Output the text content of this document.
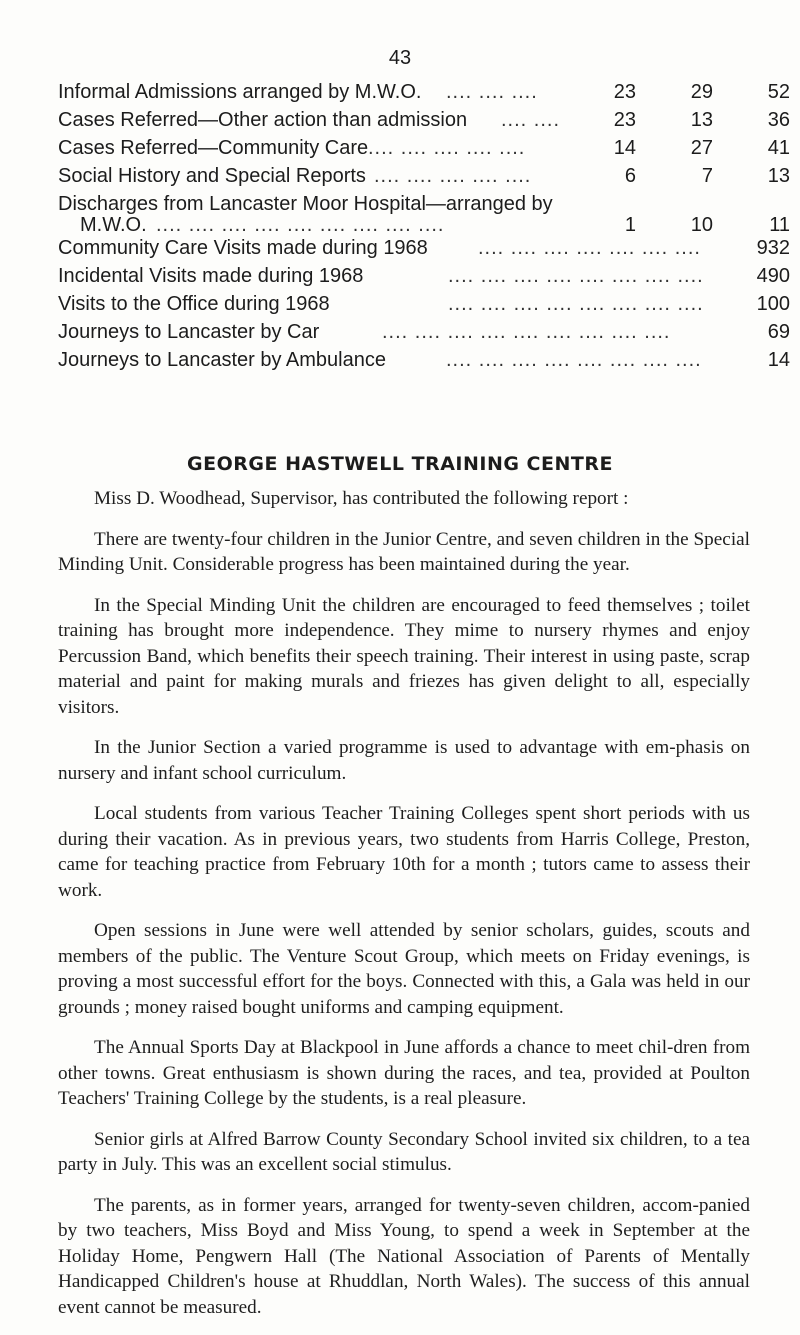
43
Informal Admissions arranged by M.W.O. .... .... ....	23	29	52
Cases Referred—Other action than admission .... ....	23	13	36
Cases Referred—Community Care .... .... .... .... ....	14	27	41
Social History and Special Reports .... .... .... .... ....	6	7	13
Discharges from Lancaster Moor Hospital—arranged by
M.W.O. .... .... .... .... .... .... .... .... ....	1	10	11
Community Care Visits made during 1968	.... .... .... .... .... .... ....	932
Incidental Visits made during 1968	.... .... .... .... .... .... .... ....	490
Visits to the Office during 1968	.... .... .... .... .... .... .... ....	100
Journeys to Lancaster by Car	.... .... .... .... .... .... .... .... ....	69
Journeys to Lancaster by Ambulance	.... .... .... .... .... .... .... ....	14
GEORGE HASTWELL TRAINING CENTRE

Miss D. Woodhead, Supervisor, has contributed the following report :

There are twenty-four children in the Junior Centre, and seven children in the Special Minding Unit. Considerable progress has been maintained during the year.

In the Special Minding Unit the children are encouraged to feed themselves ; toilet training has brought more independence. They mime to nursery rhymes and enjoy Percussion Band, which benefits their speech training. Their interest in using paste, scrap material and paint for making murals and friezes has given delight to all, especially visitors.

In the Junior Section a varied programme is used to advantage with em-phasis on nursery and infant school curriculum.

Local students from various Teacher Training Colleges spent short periods with us during their vacation. As in previous years, two students from Harris College, Preston, came for teaching practice from February 10th for a month ; tutors came to assess their work.

Open sessions in June were well attended by senior scholars, guides, scouts and members of the public. The Venture Scout Group, which meets on Friday evenings, is proving a most successful effort for the boys. Connected with this, a Gala was held in our grounds ; money raised bought uniforms and camping equipment.

The Annual Sports Day at Blackpool in June affords a chance to meet chil-dren from other towns. Great enthusiasm is shown during the races, and tea, provided at Poulton Teachers' Training College by the students, is a real pleasure.

Senior girls at Alfred Barrow County Secondary School invited six children, to a tea party in July. This was an excellent social stimulus.

The parents, as in former years, arranged for twenty-seven children, accom-panied by two teachers, Miss Boyd and Miss Young, to spend a week in September at the Holiday Home, Pengwern Hall (The National Association of Parents of Mentally Handicapped Children's house at Rhuddlan, North Wales). The success of this annual event cannot be measured.
